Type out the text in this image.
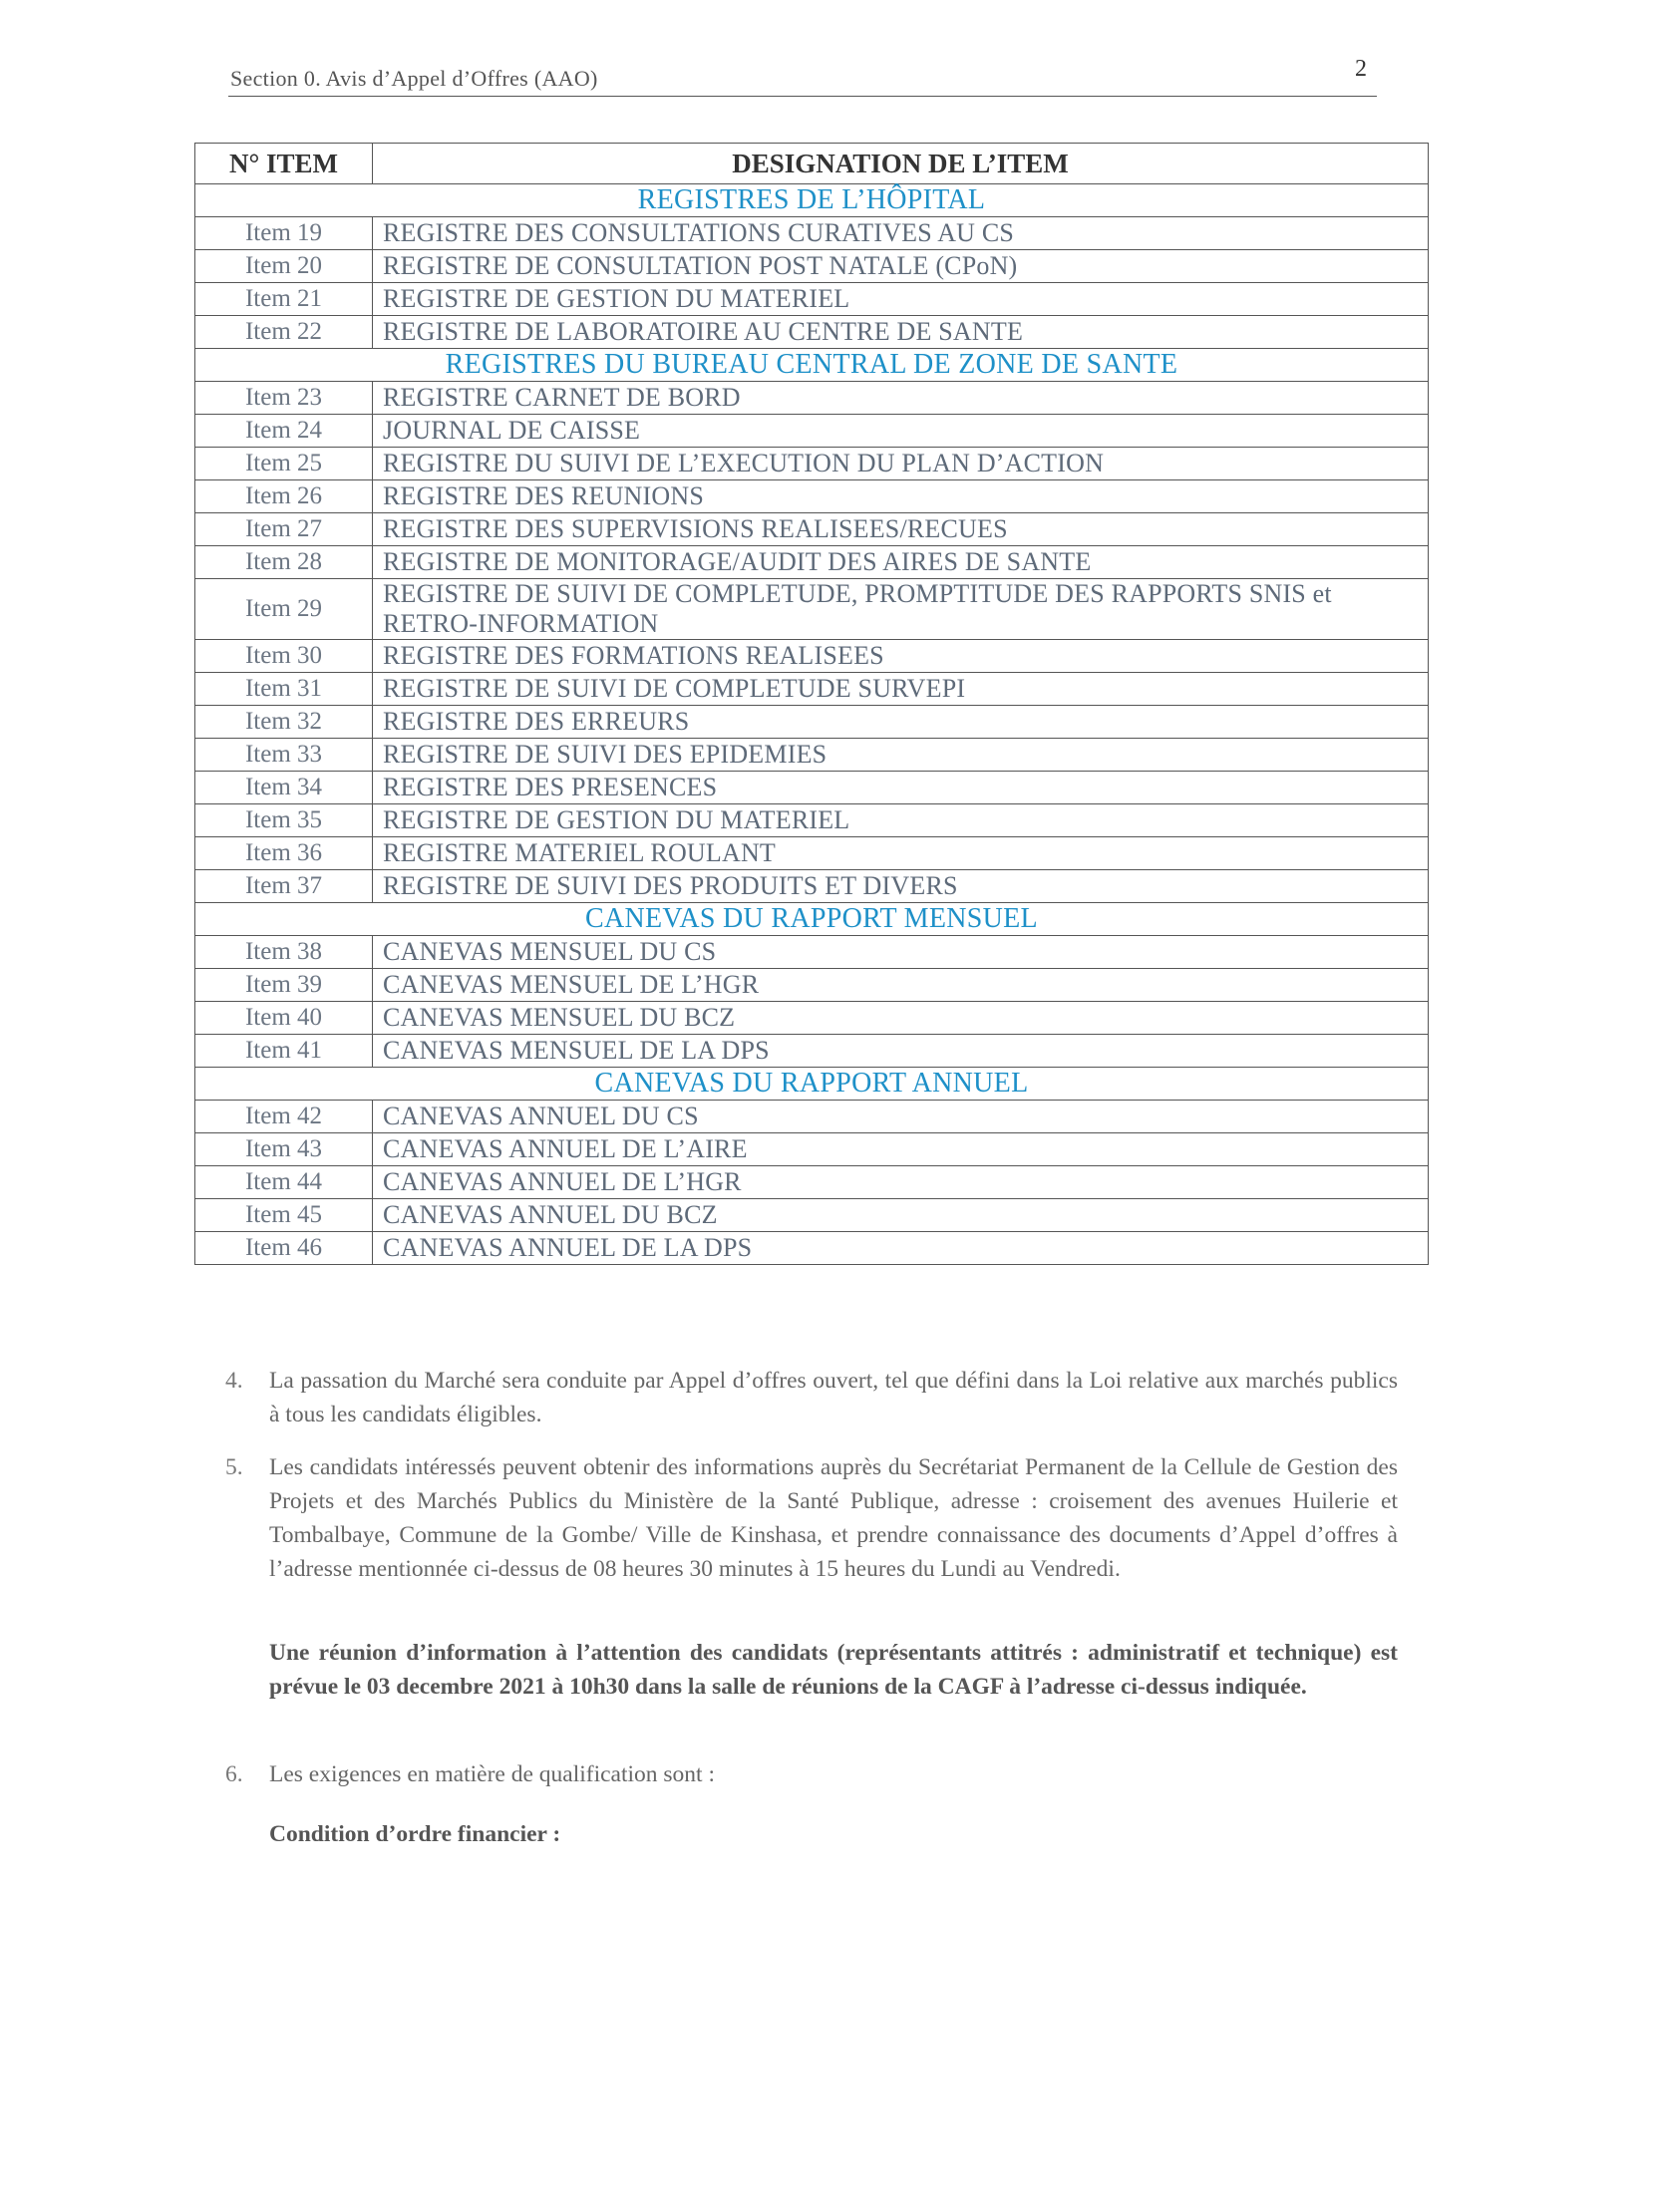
Section 0. Avis d’Appel d’Offres (AAO)	2
N° ITEM	DESIGNATION DE L’ITEM
REGISTRES DE L’HÔPITAL	
Item 19	REGISTRE DES CONSULTATIONS CURATIVES AU CS
Item 20	REGISTRE DE CONSULTATION POST NATALE (CPoN)
Item 21	REGISTRE DE GESTION DU MATERIEL
Item 22	REGISTRE DE LABORATOIRE AU CENTRE DE SANTE
REGISTRES DU BUREAU CENTRAL DE ZONE DE SANTE	
Item 23	REGISTRE CARNET DE BORD
Item 24	JOURNAL DE CAISSE
Item 25	REGISTRE DU SUIVI DE L’EXECUTION DU PLAN D’ACTION
Item 26	REGISTRE DES REUNIONS
Item 27	REGISTRE DES SUPERVISIONS REALISEES/RECUES
Item 28	REGISTRE DE MONITORAGE/AUDIT DES AIRES DE SANTE
Item 29	REGISTRE DE SUIVI DE COMPLETUDE, PROMPTITUDE DES RAPPORTS SNIS et RETRO-INFORMATION
Item 30	REGISTRE DES FORMATIONS REALISEES
Item 31	REGISTRE DE SUIVI DE COMPLETUDE SURVEPI
Item 32	REGISTRE DES ERREURS
Item 33	REGISTRE DE SUIVI DES EPIDEMIES
Item 34	REGISTRE DES PRESENCES
Item 35	REGISTRE DE GESTION DU MATERIEL
Item 36	REGISTRE MATERIEL ROULANT
Item 37	REGISTRE DE SUIVI DES PRODUITS ET DIVERS
CANEVAS DU RAPPORT MENSUEL	
Item 38	CANEVAS MENSUEL DU CS
Item 39	CANEVAS MENSUEL DE L’HGR
Item 40	CANEVAS MENSUEL DU BCZ
Item 41	CANEVAS MENSUEL DE LA DPS
CANEVAS DU RAPPORT ANNUEL	
Item 42	CANEVAS ANNUEL DU CS
Item 43	CANEVAS ANNUEL DE L’AIRE
Item 44	CANEVAS ANNUEL DE L’HGR
Item 45	CANEVAS ANNUEL DU BCZ
Item 46	CANEVAS ANNUEL DE LA DPS
4. La passation du Marché sera conduite par Appel d’offres ouvert, tel que défini dans la Loi relative aux marchés publics à tous les candidats éligibles.
5. Les candidats intéressés peuvent obtenir des informations auprès du Secrétariat Permanent de la Cellule de Gestion des Projets et des Marchés Publics du Ministère de la Santé Publique, adresse : croisement des avenues Huilerie et Tombalbaye, Commune de la Gombe/ Ville de Kinshasa, et prendre connaissance des documents d’Appel d’offres à l’adresse mentionnée ci-dessus de 08 heures 30 minutes à 15 heures du Lundi au Vendredi.
Une réunion d’information à l’attention des candidats (représentants attitrés : administratif et technique) est prévue le 03 decembre 2021 à 10h30 dans la salle de réunions de la CAGF à l’adresse ci-dessus indiquée.
6. Les exigences en matière de qualification sont :
Condition d’ordre financier :
